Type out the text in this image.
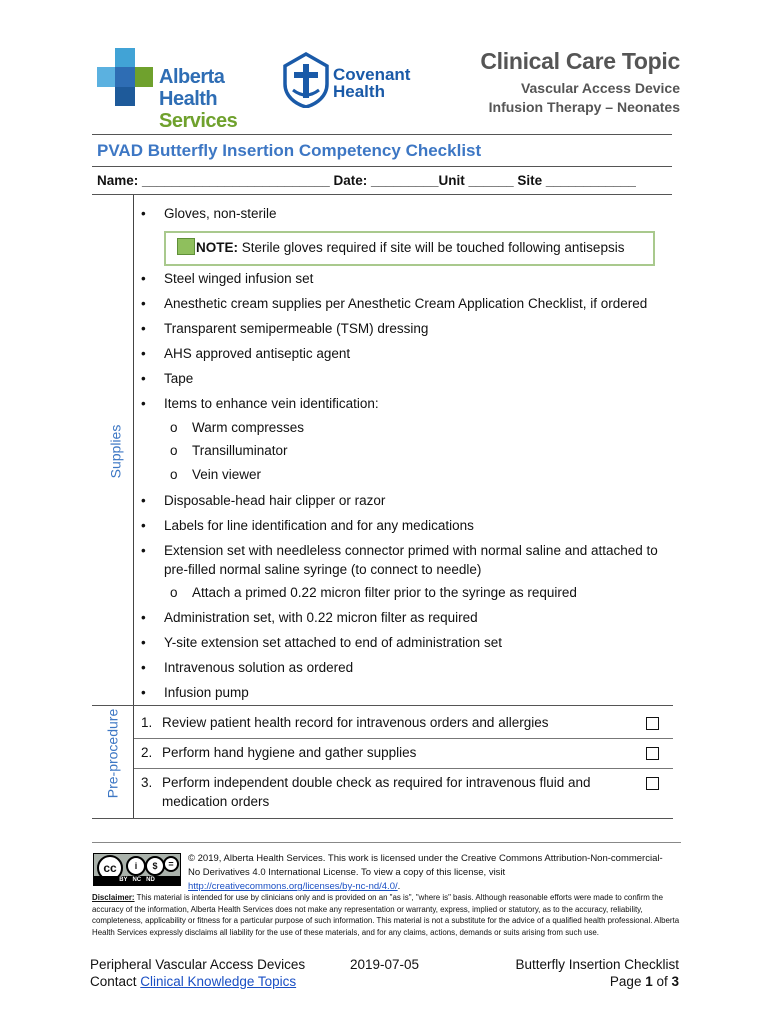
Alberta Health
Services
Covenant
Health
Clinical Care Topic
Vascular Access Device
Infusion Therapy – Neonates
PVAD Butterfly Insertion Competency Checklist
Name: _________________________ Date: _________Unit ______ Site ____________
Supplies
• Gloves, non-sterile
NOTE: Sterile gloves required if site will be touched following antisepsis
• Steel winged infusion set
• Anesthetic cream supplies per Anesthetic Cream Application Checklist, if ordered
• Transparent semipermeable (TSM) dressing
• AHS approved antiseptic agent
• Tape
• Items to enhance vein identification:
o Warm compresses
o Transilluminator
o Vein viewer
• Disposable-head hair clipper or razor
• Labels for line identification and for any medications
• Extension set with needleless connector primed with normal saline and attached to pre-filled normal saline syringe (to connect to needle)
o Attach a primed 0.22 micron filter prior to the syringe as required
• Administration set, with 0.22 micron filter as required
• Y-site extension set attached to end of administration set
• Intravenous solution as ordered
• Infusion pump
Pre-procedure 1. Review patient health record for intravenous orders and allergies
2. Perform hand hygiene and gather supplies
3. Perform independent double check as required for intravenous fluid and medication orders
cc	i	$	=
BY   NC   ND
© 2019, Alberta Health Services. This work is licensed under the Creative Commons Attribution-Non-commercial-No Derivatives 4.0 International License. To view a copy of this license, visit http://creativecommons.org/licenses/by-nc-nd/4.0/.
Disclaimer: This material is intended for use by clinicians only and is provided on an "as is", "where is" basis. Although reasonable efforts were made to confirm the accuracy of the information, Alberta Health Services does not make any representation or warranty, express, implied or statutory, as to the accuracy, reliability, completeness, applicability or fitness for a particular purpose of such information. This material is not a substitute for the advice of a qualified health professional. Alberta Health Services expressly disclaims all liability for the use of these materials, and for any claims, actions, demands or suits arising from such use.
Peripheral Vascular Access Devices
Contact Clinical Knowledge Topics
2019-07-05	Butterfly Insertion Checklist
Page 1 of 3
